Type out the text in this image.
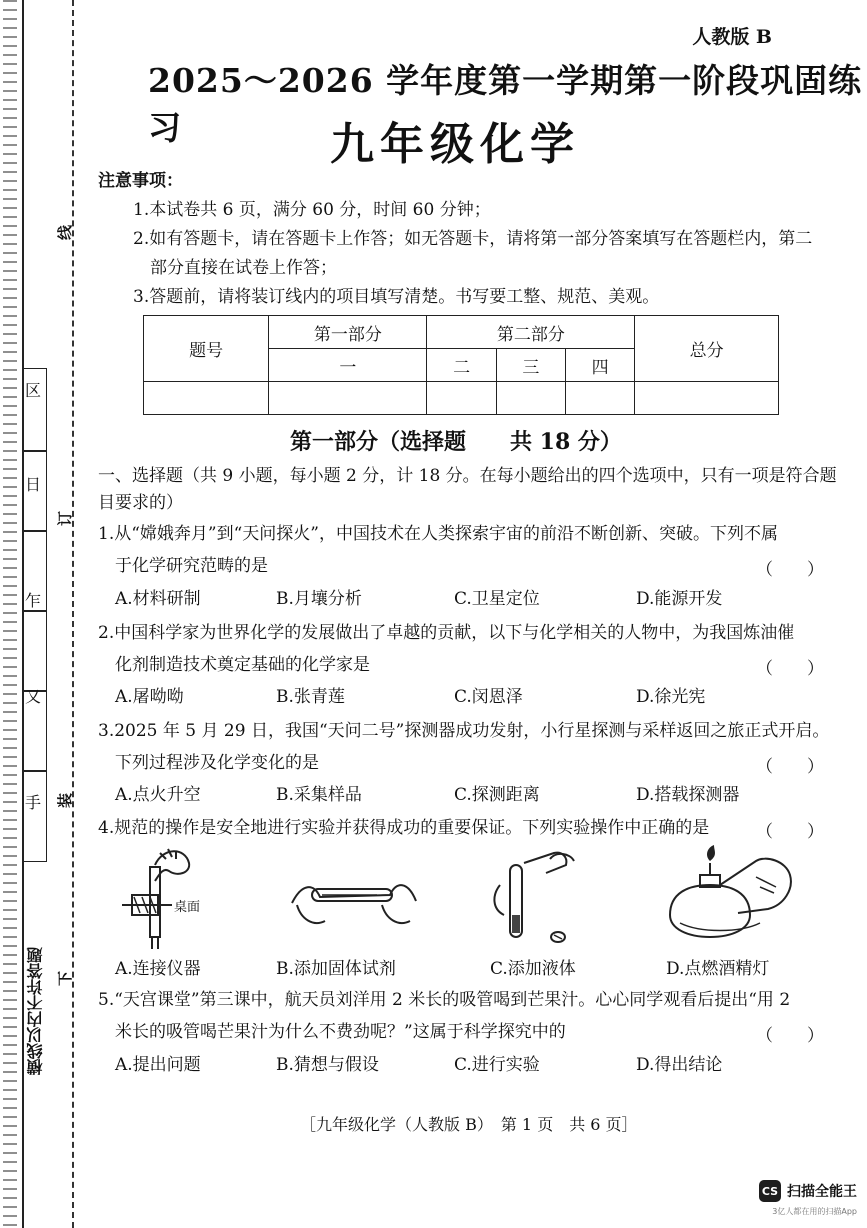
区
日
乍
又
手
横线以内不许答题
线
订
装
下
人教版 B
2025～2026 学年度第一学期第一阶段巩固练习	九年级化学
注意事项：
1.本试卷共 6 页，满分 60 分，时间 60 分钟；
2.如有答题卡，请在答题卡上作答；如无答题卡，请将第一部分答案填写在答题栏内，第二
部分直接在试卷上作答；
3.答题前，请将装订线内的项目填写清楚。书写要工整、规范、美观。
题号	第一部分	第二部分			总分
	一	二	三	四	

第一部分（选择题　　共 18 分）
一、选择题（共 9 小题，每小题 2 分，计 18 分。在每小题给出的四个选项中，只有一项是符合题
目要求的）
1.从“嫦娥奔月”到“天问探火”，中国技术在人类探索宇宙的前沿不断创新、突破。下列不属
于化学研究范畴的是	（　　）
A.材料研制	B.月壤分析	C.卫星定位	D.能源开发
2.中国科学家为世界化学的发展做出了卓越的贡献，以下与化学相关的人物中，为我国炼油催
化剂制造技术奠定基础的化学家是	（　　）
A.屠呦呦	B.张青莲	C.闵恩泽	D.徐光宪
3.2025 年 5 月 29 日，我国“天问二号”探测器成功发射，小行星探测与采样返回之旅正式开启。
下列过程涉及化学变化的是	（　　）
A.点火升空	B.采集样品	C.探测距离	D.搭载探测器
4.规范的操作是安全地进行实验并获得成功的重要保证。下列实验操作中正确的是	（　　）
桌面
A.连接仪器	B.添加固体试剂	C.添加液体	D.点燃酒精灯
5.“天宫课堂”第三课中，航天员刘洋用 2 米长的吸管喝到芒果汁。心心同学观看后提出“用 2
米长的吸管喝芒果汁为什么不费劲呢？”这属于科学探究中的	（　　）
A.提出问题	B.猜想与假设	C.进行实验	D.得出结论
［九年级化学（人教版 B）　第 1 页　共 6 页］
CS 扫描全能王
3亿人都在用的扫描App
